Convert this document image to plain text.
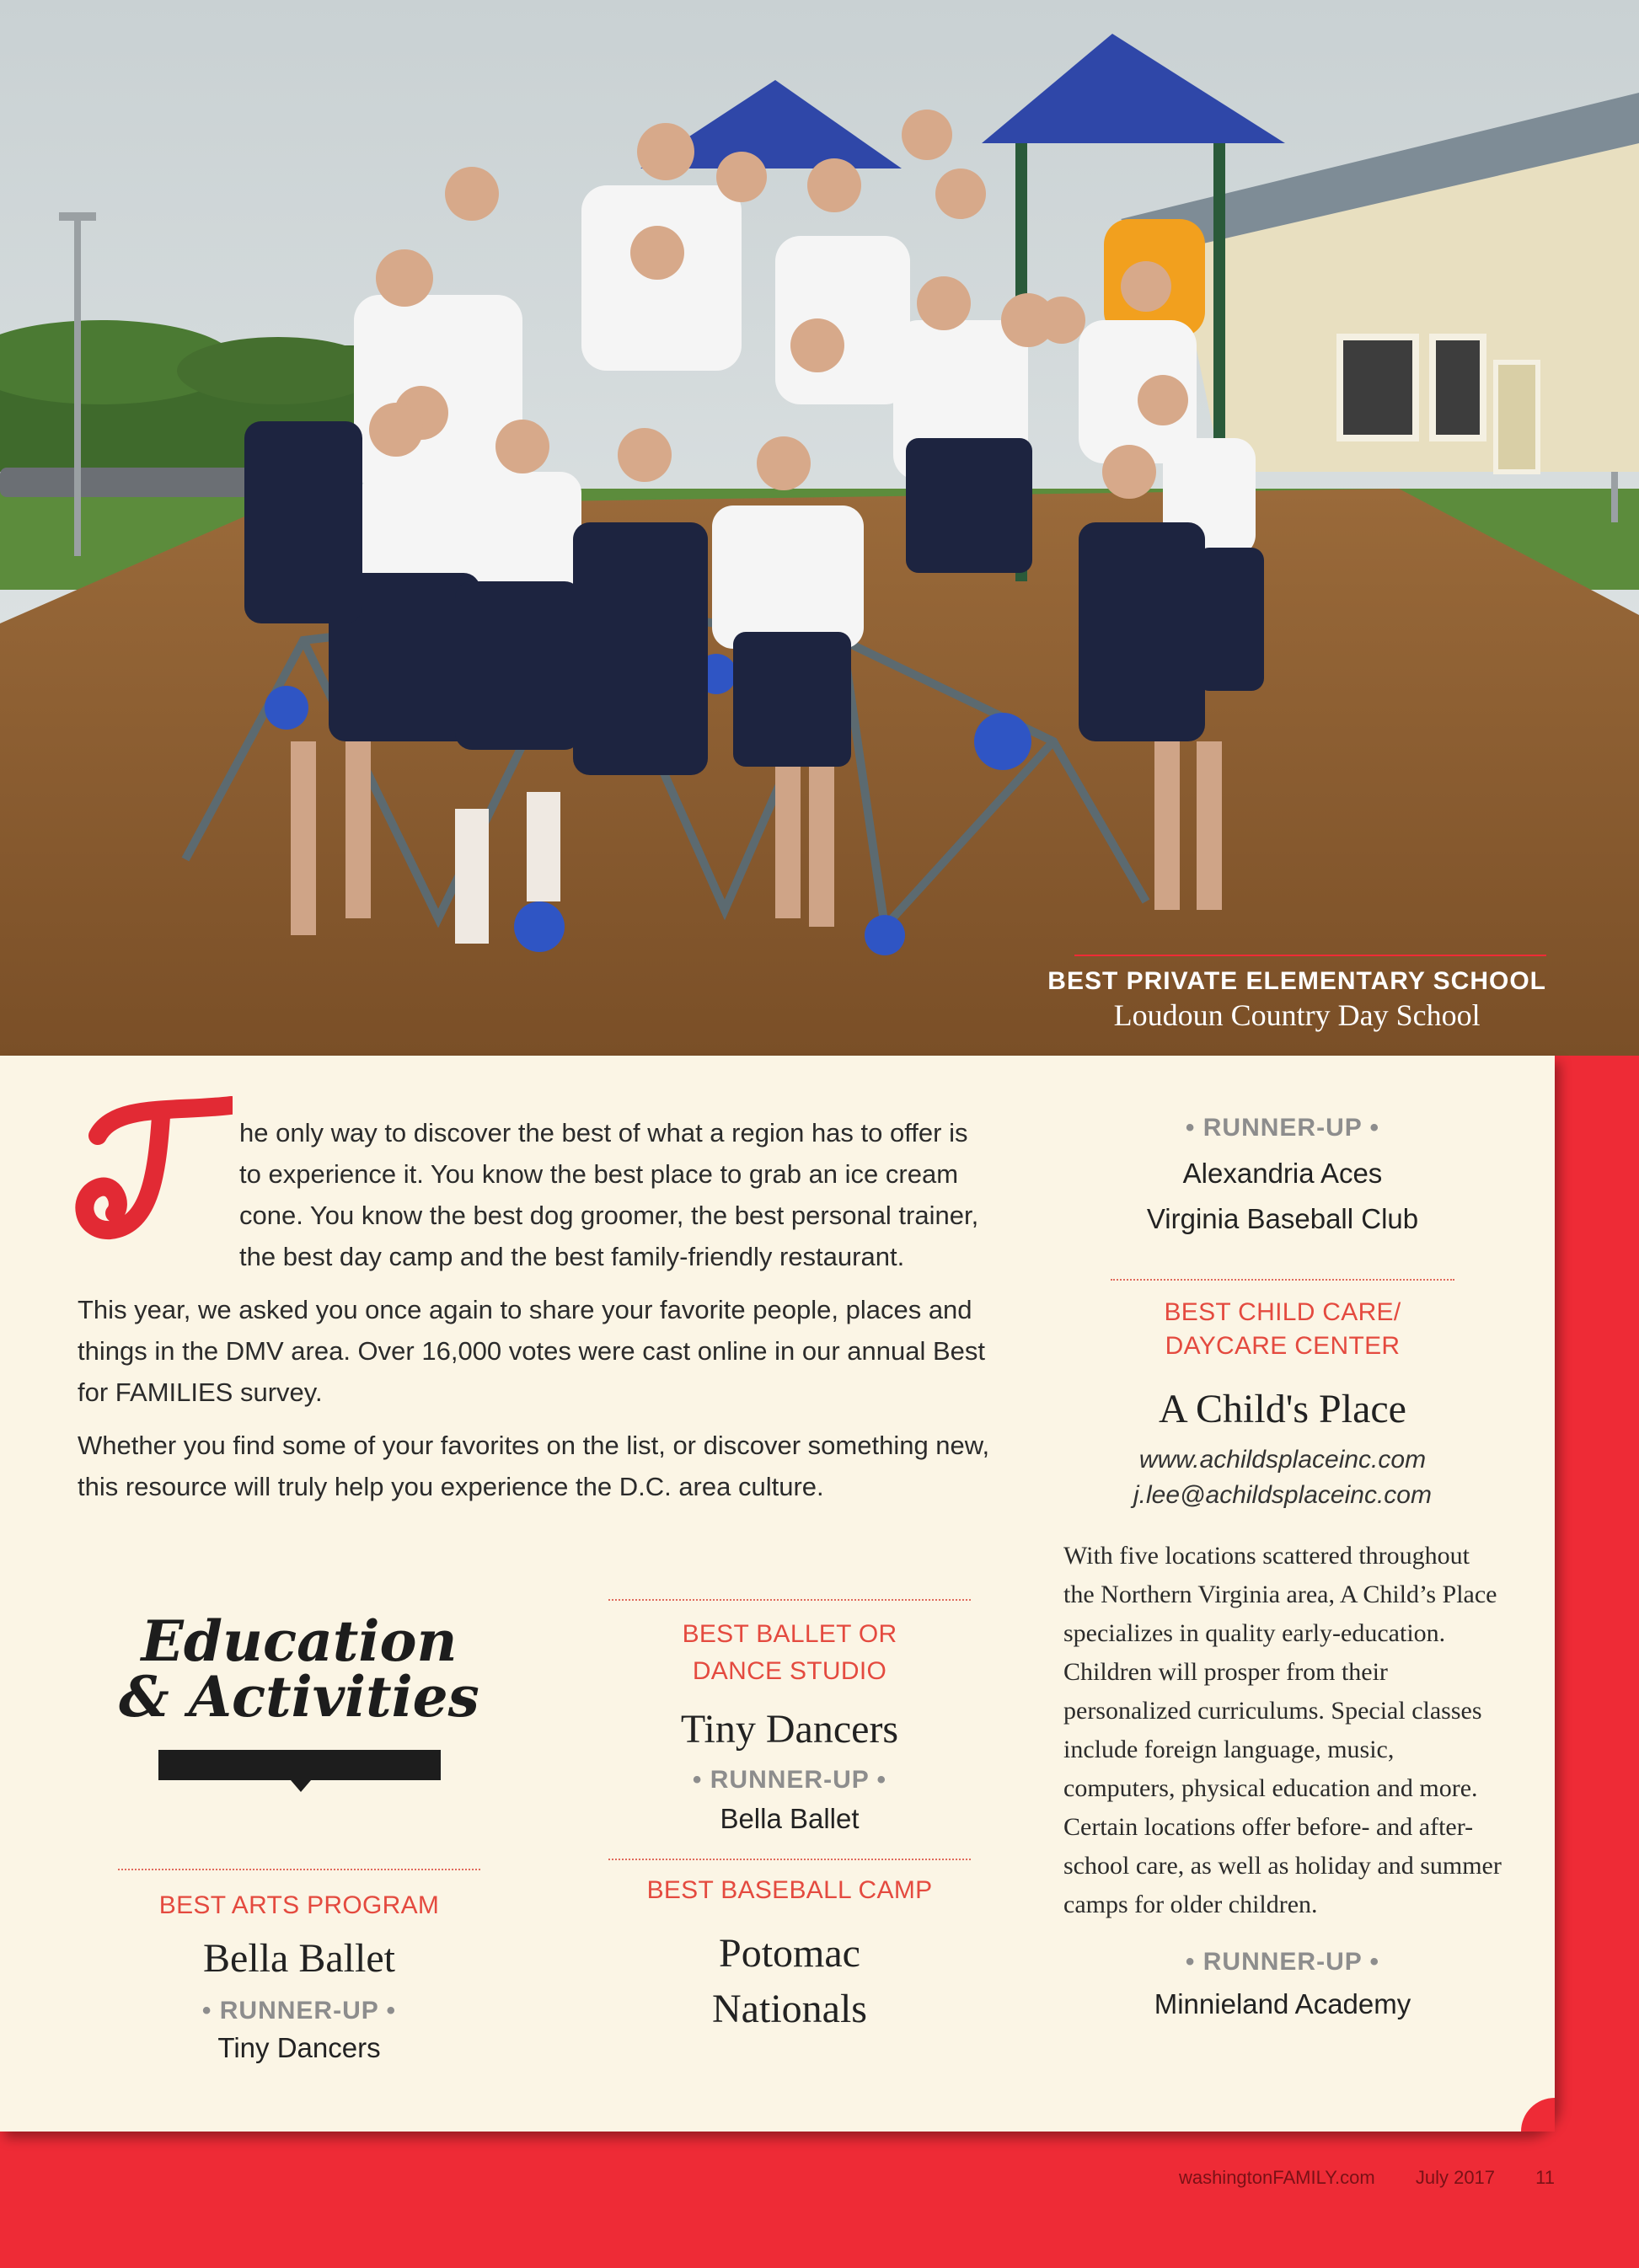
BEST PRIVATE ELEMENTARY SCHOOL
Loudoun Country Day School

he only way to discover the best of what a region has to offer is to experience it. You know the best place to grab an ice cream cone. You know the best dog groomer, the best personal trainer, the best day camp and the best family-friendly restaurant.

This year, we asked you once again to share your favorite people, places and things in the DMV area. Over 16,000 votes were cast online in our annual Best for FAMILIES survey.

Whether you find some of your favorites on the list, or discover something new, this resource will truly help you experience the D.C. area culture.

Education
& Activities
BEST ARTS PROGRAM
Bella Ballet
• RUNNER-UP •
Tiny Dancers
BEST BALLET OR
DANCE STUDIO
Tiny Dancers
• RUNNER-UP •
Bella Ballet
BEST BASEBALL CAMP
Potomac
Nationals
• RUNNER-UP •
Alexandria Aces
Virginia Baseball Club
BEST CHILD CARE/
DAYCARE CENTER
A Child's Place
www.achildsplaceinc.com
j.lee@achildsplaceinc.com
With five locations scattered throughout the Northern Virginia area, A Child’s Place specializes in quality early-education. Children will prosper from their personalized curriculums. Special classes include foreign language, music, computers, physical education and more. Certain locations offer before- and after-school care, as well as holiday and summer camps for older children.
• RUNNER-UP •
Minnieland Academy
washingtonFAMILY.com July 2017 11
